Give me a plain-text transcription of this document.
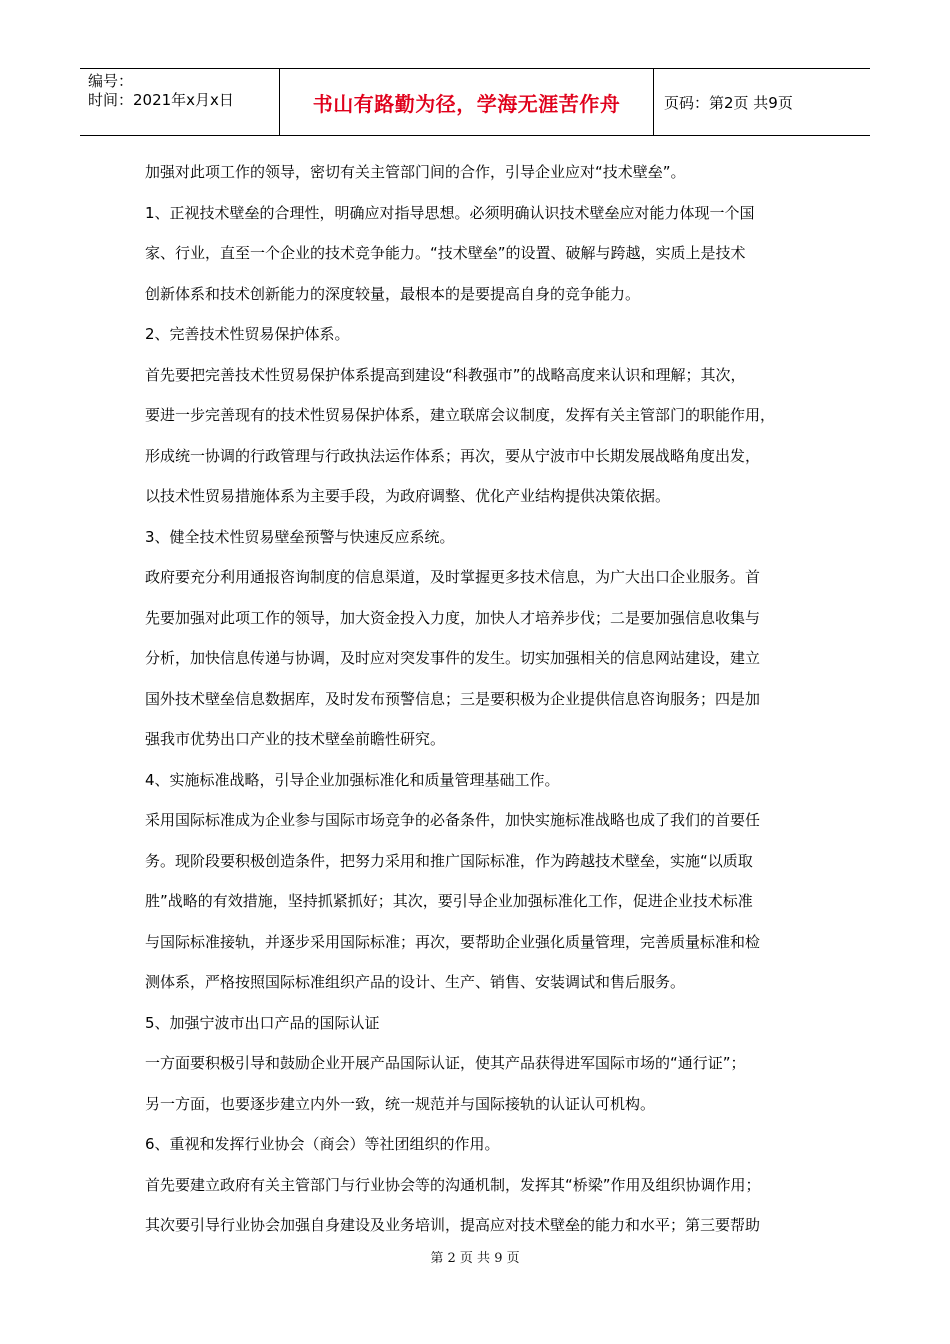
编号：
时间：2021年x月x日	书山有路勤为径，学海无涯苦作舟	页码：第2页 共9页

加强对此项工作的领导，密切有关主管部门间的合作，引导企业应对“技术壁垒”。

1、正视技术壁垒的合理性，明确应对指导思想。必须明确认识技术壁垒应对能力体现一个国

家、行业，直至一个企业的技术竞争能力。“技术壁垒”的设置、破解与跨越，实质上是技术

创新体系和技术创新能力的深度较量，最根本的是要提高自身的竞争能力。

2、完善技术性贸易保护体系。

首先要把完善技术性贸易保护体系提高到建设“科教强市”的战略高度来认识和理解；其次，

要进一步完善现有的技术性贸易保护体系，建立联席会议制度，发挥有关主管部门的职能作用，

形成统一协调的行政管理与行政执法运作体系；再次，要从宁波市中长期发展战略角度出发，

以技术性贸易措施体系为主要手段，为政府调整、优化产业结构提供决策依据。

3、健全技术性贸易壁垒预警与快速反应系统。

政府要充分利用通报咨询制度的信息渠道，及时掌握更多技术信息，为广大出口企业服务。首

先要加强对此项工作的领导，加大资金投入力度，加快人才培养步伐；二是要加强信息收集与

分析，加快信息传递与协调，及时应对突发事件的发生。切实加强相关的信息网站建设，建立

国外技术壁垒信息数据库，及时发布预警信息；三是要积极为企业提供信息咨询服务；四是加

强我市优势出口产业的技术壁垒前瞻性研究。

4、实施标准战略，引导企业加强标准化和质量管理基础工作。

采用国际标准成为企业参与国际市场竞争的必备条件，加快实施标准战略也成了我们的首要任

务。现阶段要积极创造条件，把努力采用和推广国际标准，作为跨越技术壁垒，实施“以质取

胜”战略的有效措施，坚持抓紧抓好；其次，要引导企业加强标准化工作，促进企业技术标准

与国际标准接轨，并逐步采用国际标准；再次，要帮助企业强化质量管理，完善质量标准和检

测体系，严格按照国际标准组织产品的设计、生产、销售、安装调试和售后服务。

5、加强宁波市出口产品的国际认证

一方面要积极引导和鼓励企业开展产品国际认证，使其产品获得进军国际市场的“通行证”；

另一方面，也要逐步建立内外一致，统一规范并与国际接轨的认证认可机构。

6、重视和发挥行业协会（商会）等社团组织的作用。

首先要建立政府有关主管部门与行业协会等的沟通机制，发挥其“桥梁”作用及组织协调作用；

其次要引导行业协会加强自身建设及业务培训，提高应对技术壁垒的能力和水平；第三要帮助

第 2 页 共 9 页
